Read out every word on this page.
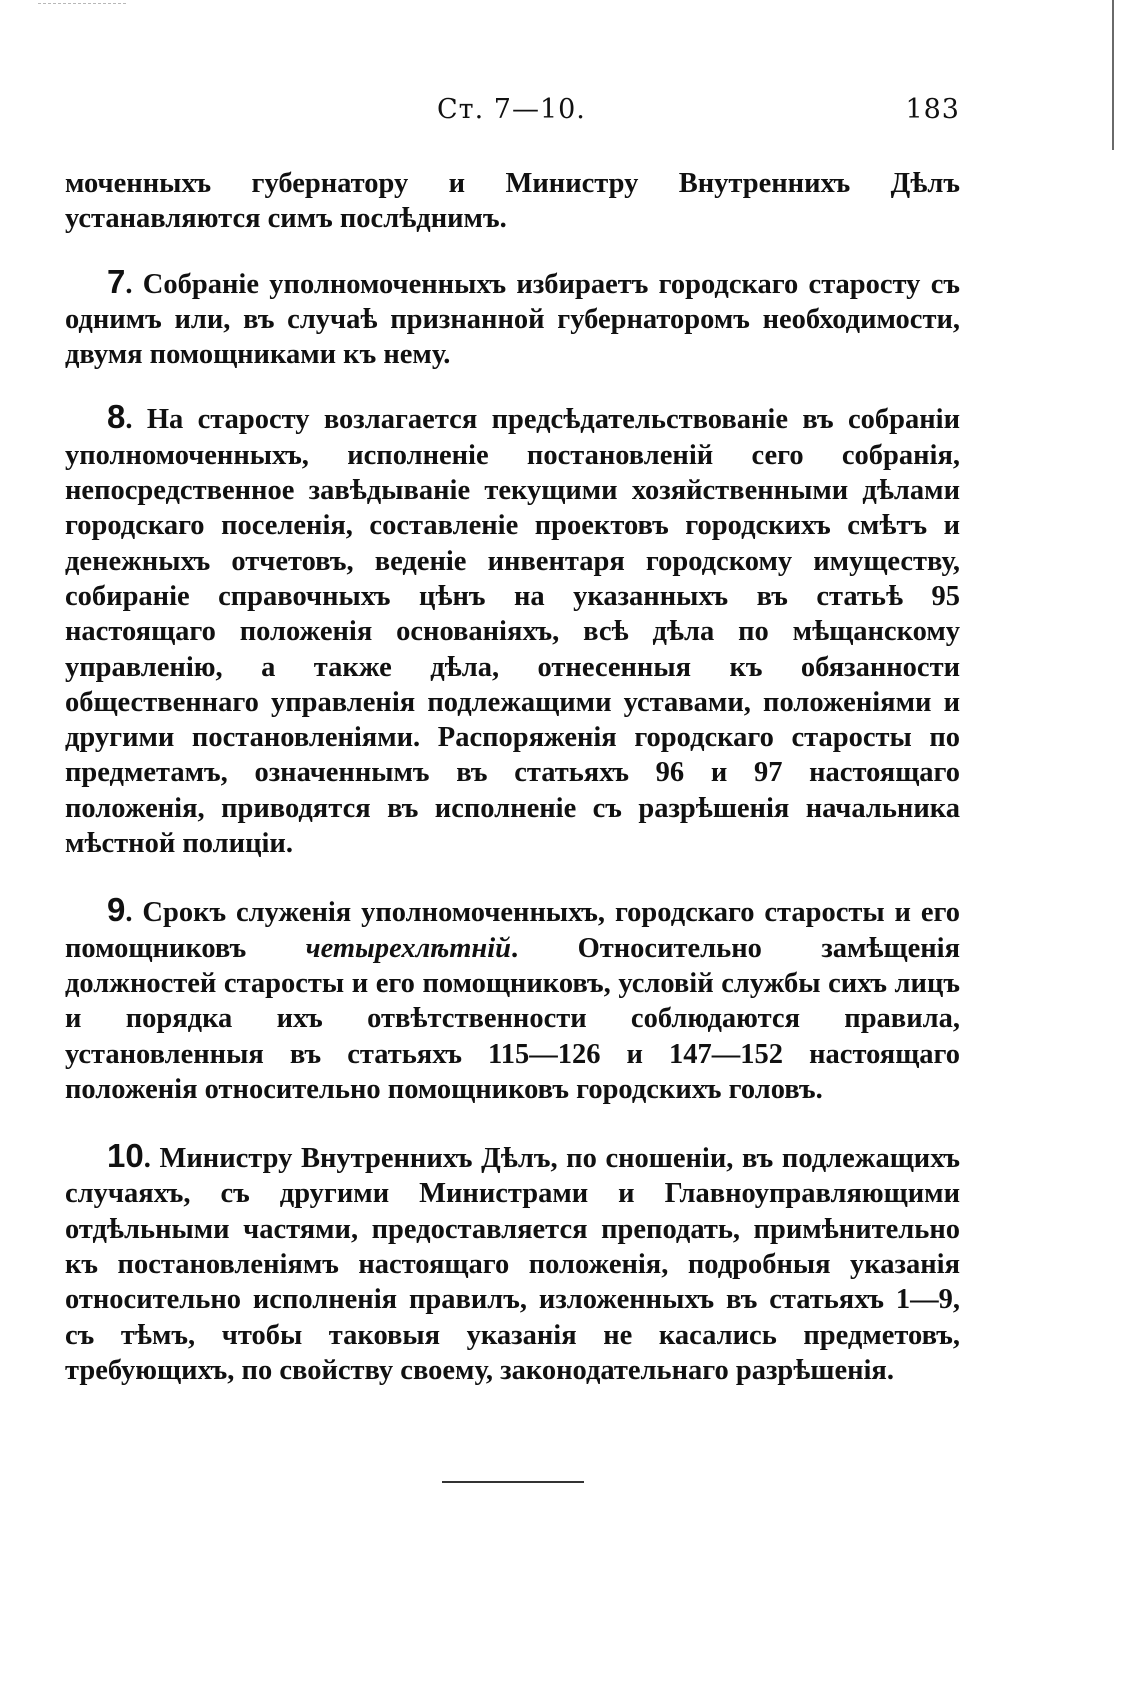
Ст. 7—10.	183

моченныхъ губернатору и Министру Внутреннихъ Дѣлъ устанавляются симъ послѣднимъ.

7. Собраніе уполномоченныхъ избираетъ городскаго старосту съ однимъ или, въ случаѣ признанной губернаторомъ необходимости, двумя помощниками къ нему.

8. На старосту возлагается предсѣдательствованіе въ собраніи уполномоченныхъ, исполненіе постановленій сего собранія, непосредственное завѣдываніе текущими хозяйственными дѣлами городскаго поселенія, составленіе проектовъ городскихъ смѣтъ и денежныхъ отчетовъ, веденіе инвентаря городскому имуществу, собираніе справочныхъ цѣнъ на указанныхъ въ статьѣ 95 настоящаго положенія основаніяхъ, всѣ дѣла по мѣщанскому управленію, а также дѣла, отнесенныя къ обязанности общественнаго управленія подлежащими уставами, положеніями и другими постановленіями. Распоряженія городскаго старосты по предметамъ, означеннымъ въ статьяхъ 96 и 97 настоящаго положенія, приводятся въ исполненіе съ разрѣшенія начальника мѣстной полиціи.

9. Срокъ служенія уполномоченныхъ, городскаго старосты и его помощниковъ четырехлѣтній. Относительно замѣщенія должностей старосты и его помощниковъ, условій службы сихъ лицъ и порядка ихъ отвѣтственности соблюдаются правила, установленныя въ статьяхъ 115—126 и 147—152 настоящаго положенія относительно помощниковъ городскихъ головъ.

10. Министру Внутреннихъ Дѣлъ, по сношеніи, въ подлежащихъ случаяхъ, съ другими Министрами и Главноуправляющими отдѣльными частями, предоставляется преподать, примѣнительно къ постановленіямъ настоящаго положенія, подробныя указанія относительно исполненія правилъ, изложенныхъ въ статьяхъ 1—9, съ тѣмъ, чтобы таковыя указанія не касались предметовъ, требующихъ, по свойству своему, законодательнаго разрѣшенія.
